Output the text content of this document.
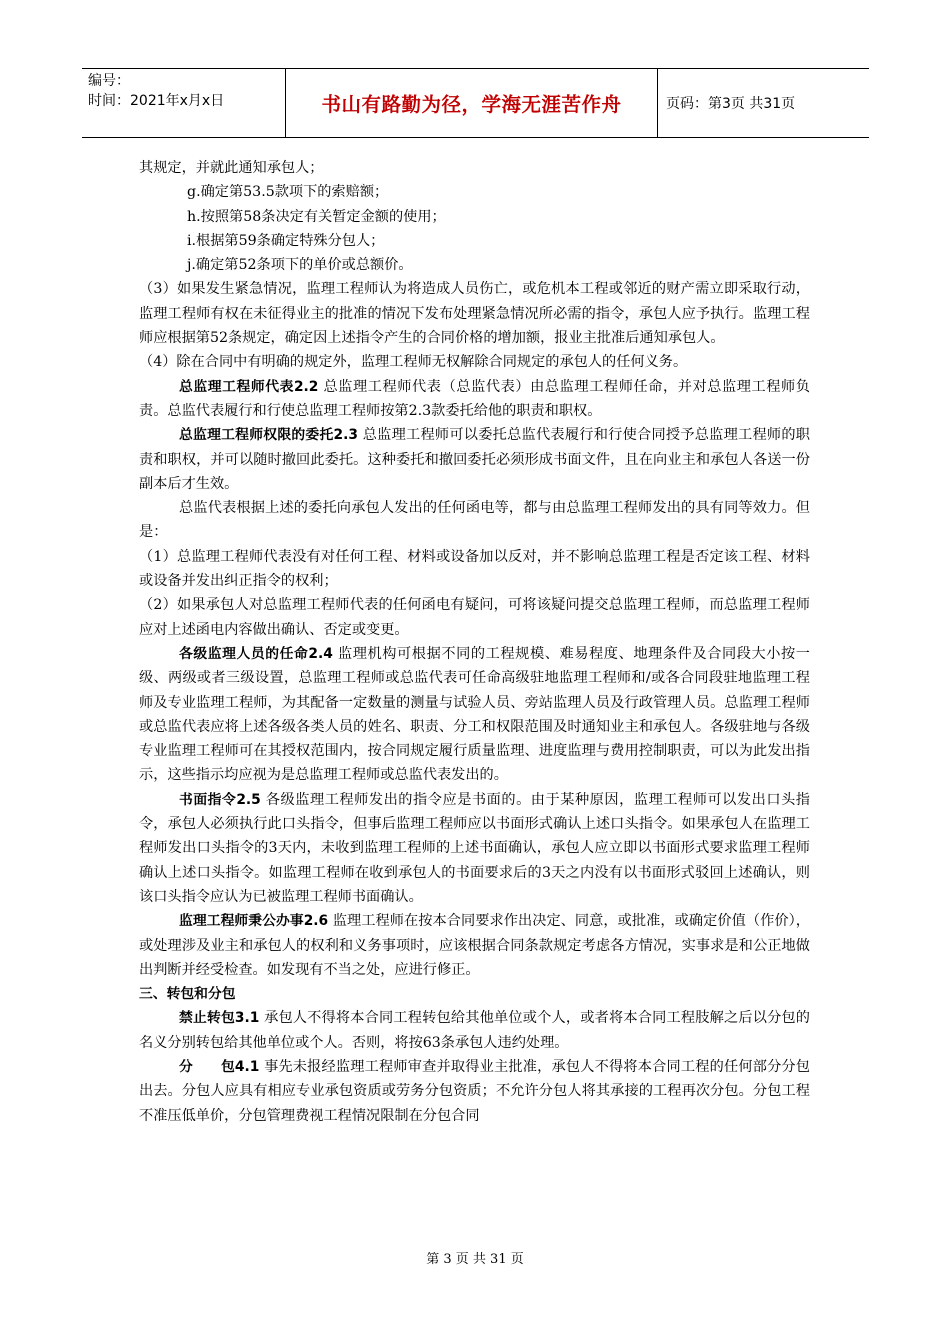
编号：
时间：2021年x月x日	书山有路勤为径，学海无涯苦作舟	页码：第3页 共31页

其规定，并就此通知承包人；

g.确定第53.5款项下的索赔额；

h.按照第58条决定有关暂定金额的使用；

i.根据第59条确定特殊分包人；

j.确定第52条项下的单价或总额价。

（3）如果发生紧急情况，监理工程师认为将造成人员伤亡，或危机本工程或邻近的财产需立即采取行动，监理工程师有权在未征得业主的批准的情况下发布处理紧急情况所必需的指令，承包人应予执行。监理工程师应根据第52条规定，确定因上述指令产生的合同价格的增加额，报业主批准后通知承包人。

（4）除在合同中有明确的规定外，监理工程师无权解除合同规定的承包人的任何义务。

总监理工程师代表2.2 总监理工程师代表（总监代表）由总监理工程师任命，并对总监理工程师负责。总监代表履行和行使总监理工程师按第2.3款委托给他的职责和职权。

总监理工程师权限的委托2.3 总监理工程师可以委托总监代表履行和行使合同授予总监理工程师的职责和职权，并可以随时撤回此委托。这种委托和撤回委托必须形成书面文件，且在向业主和承包人各送一份副本后才生效。

总监代表根据上述的委托向承包人发出的任何函电等，都与由总监理工程师发出的具有同等效力。但是：

（1）总监理工程师代表没有对任何工程、材料或设备加以反对，并不影响总监理工程是否定该工程、材料或设备并发出纠正指令的权利；

（2）如果承包人对总监理工程师代表的任何函电有疑问，可将该疑问提交总监理工程师，而总监理工程师应对上述函电内容做出确认、否定或变更。

各级监理人员的任命2.4 监理机构可根据不同的工程规模、难易程度、地理条件及合同段大小按一级、两级或者三级设置，总监理工程师或总监代表可任命高级驻地监理工程师和/或各合同段驻地监理工程师及专业监理工程师，为其配备一定数量的测量与试验人员、旁站监理人员及行政管理人员。总监理工程师或总监代表应将上述各级各类人员的姓名、职责、分工和权限范围及时通知业主和承包人。各级驻地与各级专业监理工程师可在其授权范围内，按合同规定履行质量监理、进度监理与费用控制职责，可以为此发出指示，这些指示均应视为是总监理工程师或总监代表发出的。

书面指令2.5 各级监理工程师发出的指令应是书面的。由于某种原因，监理工程师可以发出口头指令，承包人必须执行此口头指令，但事后监理工程师应以书面形式确认上述口头指令。如果承包人在监理工程师发出口头指令的3天内，未收到监理工程师的上述书面确认，承包人应立即以书面形式要求监理工程师确认上述口头指令。如监理工程师在收到承包人的书面要求后的3天之内没有以书面形式驳回上述确认，则该口头指令应认为已被监理工程师书面确认。

监理工程师秉公办事2.6 监理工程师在按本合同要求作出决定、同意，或批准，或确定价值（作价），或处理涉及业主和承包人的权利和义务事项时，应该根据合同条款规定考虑各方情况，实事求是和公正地做出判断并经受检查。如发现有不当之处，应进行修正。

三、转包和分包

禁止转包3.1 承包人不得将本合同工程转包给其他单位或个人，或者将本合同工程肢解之后以分包的名义分别转包给其他单位或个人。否则，将按63条承包人违约处理。

分　　包4.1 事先未报经监理工程师审查并取得业主批准，承包人不得将本合同工程的任何部分分包出去。分包人应具有相应专业承包资质或劳务分包资质；不允许分包人将其承接的工程再次分包。分包工程不准压低单价，分包管理费视工程情况限制在分包合同

第 3 页 共 31 页
